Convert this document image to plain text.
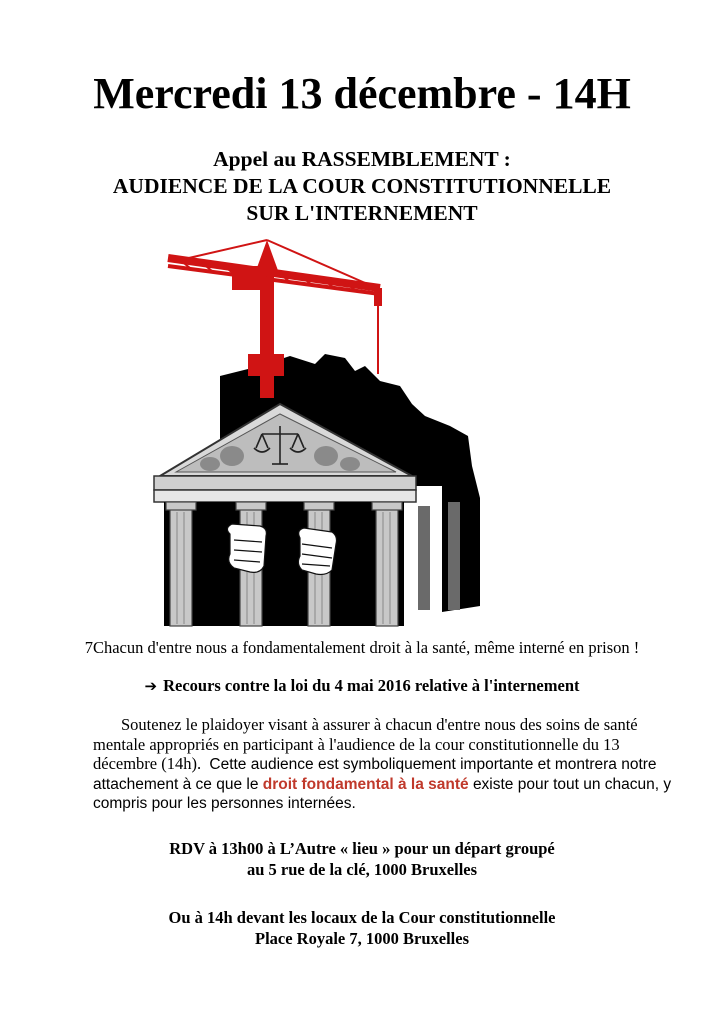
Mercredi 13 décembre - 14H
Appel au RASSEMBLEMENT :
AUDIENCE DE LA COUR CONSTITUTIONNELLE
SUR L'INTERNEMENT
7Chacun d'entre nous a fondamentalement droit à la santé, même interné en prison !
➔ Recours contre la loi du 4 mai 2016 relative à l'internement
Soutenez le plaidoyer visant à assurer à chacun d'entre nous des soins de santé
mentale appropriés en participant à l'audience de la cour constitutionnelle du 13
décembre (14h). Cette audience est symboliquement importante et montrera notre
attachement à ce que le droit fondamental à la santé existe pour tout un chacun, y
compris pour les personnes internées.
RDV à 13h00 à L’Autre « lieu » pour un départ groupé
au 5 rue de la clé, 1000 Bruxelles
Ou à 14h devant les locaux de la Cour constitutionnelle
Place Royale 7, 1000 Bruxelles
